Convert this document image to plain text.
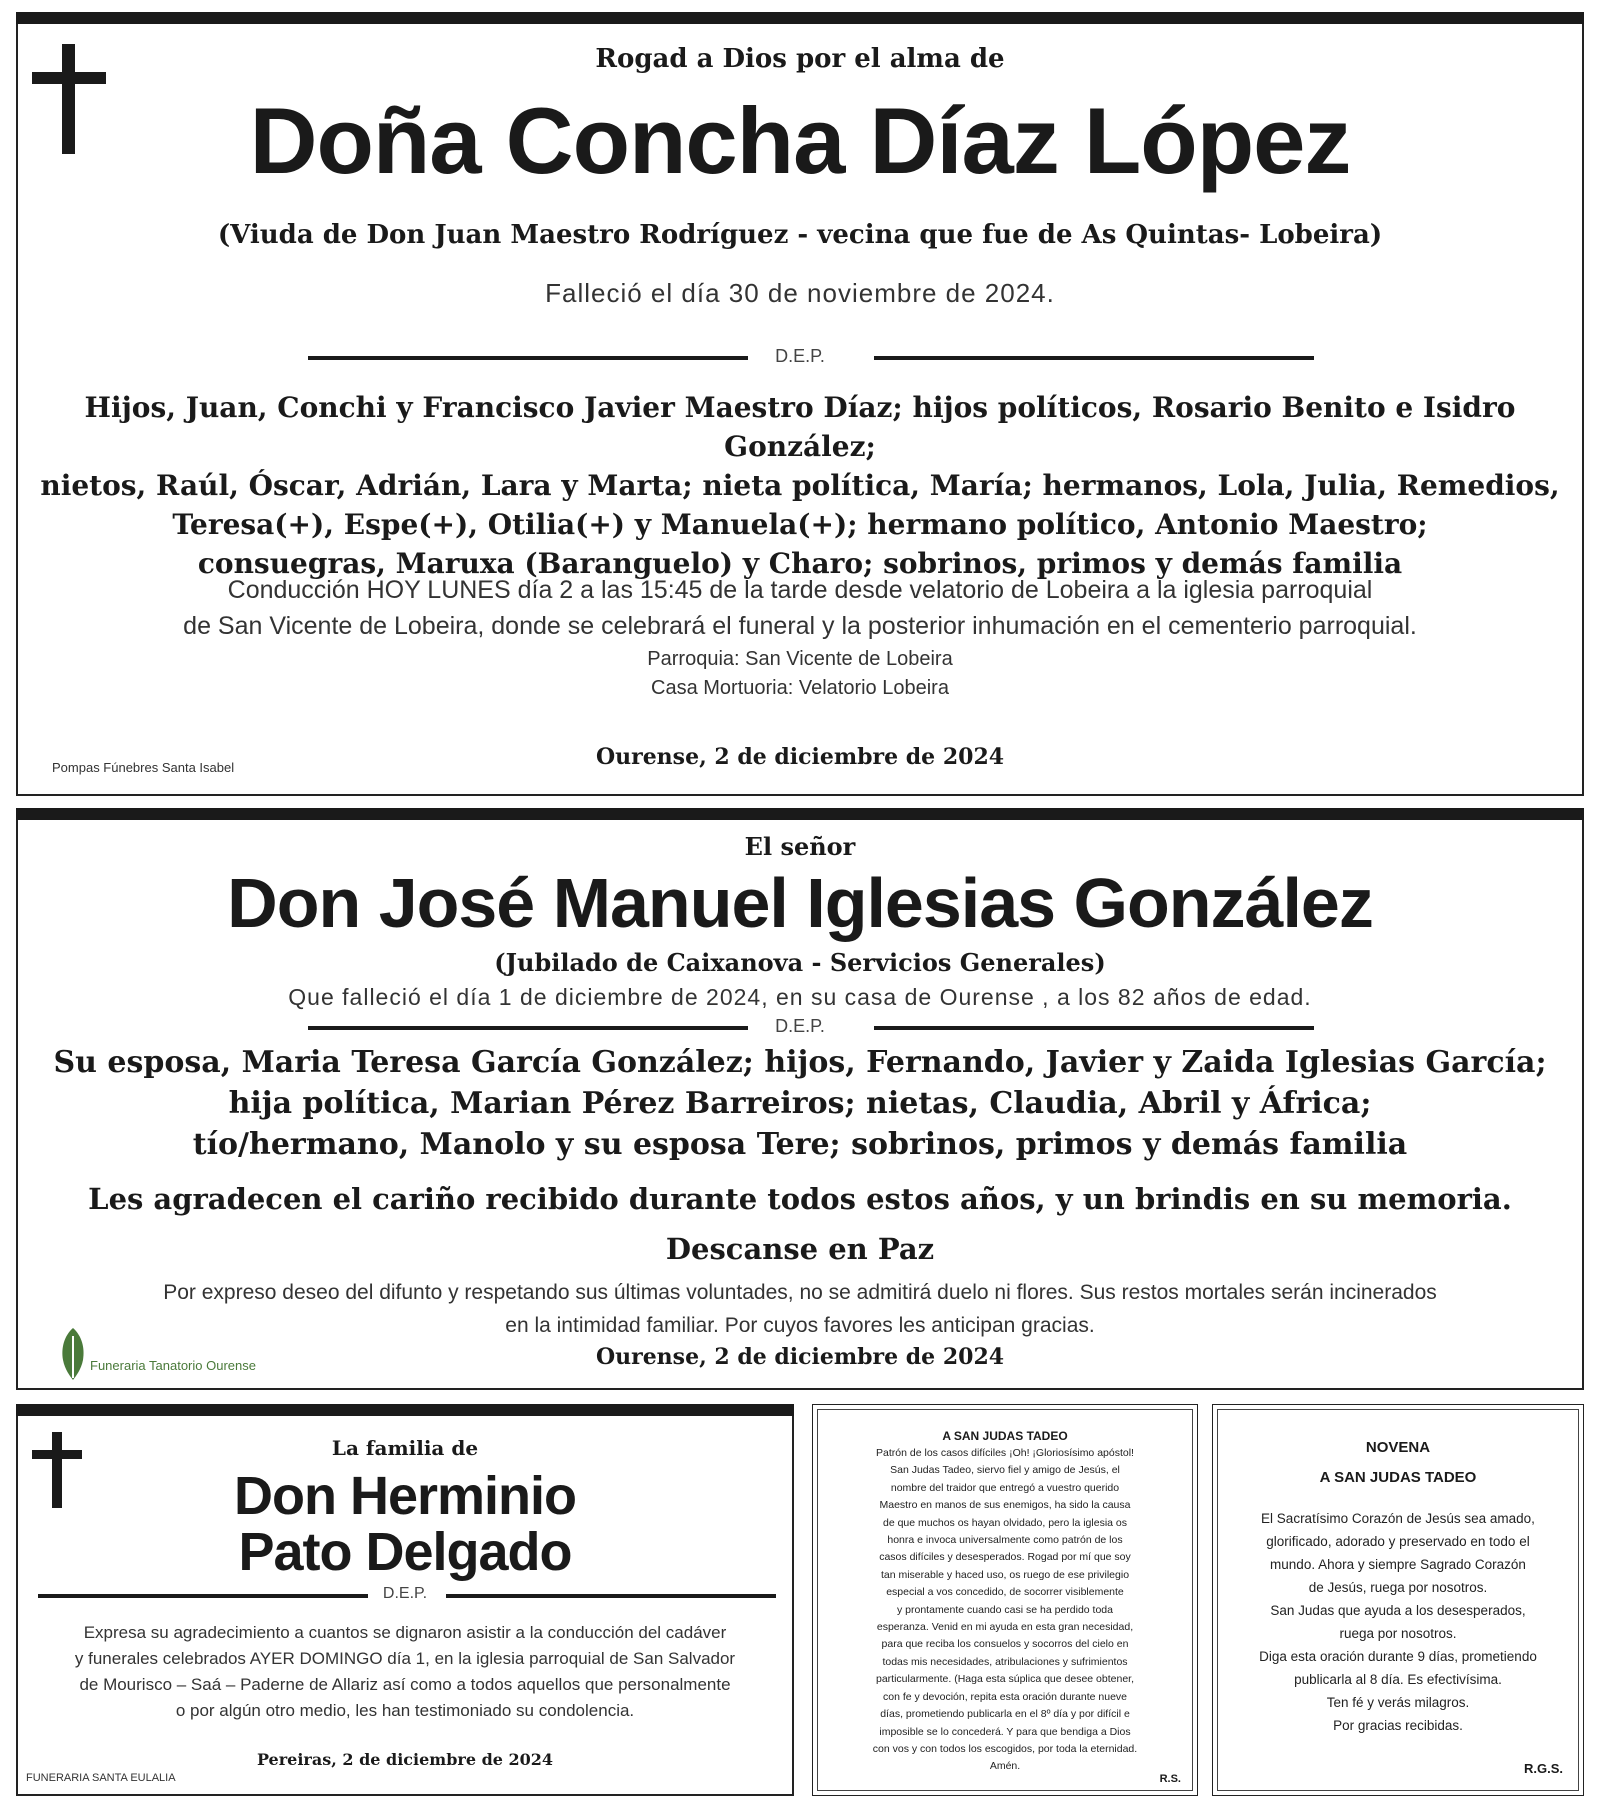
Rogad a Dios por el alma de
Doña Concha Díaz López
(Viuda de Don Juan Maestro Rodríguez - vecina que fue de As Quintas- Lobeira)
Falleció el día 30 de noviembre de 2024.
D.E.P.

Hijos, Juan, Conchi y Francisco Javier Maestro Díaz; hijos políticos, Rosario Benito e Isidro González;

nietos, Raúl, Óscar, Adrián, Lara y Marta; nieta política, María; hermanos, Lola, Julia, Remedios,

Teresa(+), Espe(+), Otilia(+) y Manuela(+); hermano político, Antonio Maestro;

consuegras, Maruxa (Baranguelo) y Charo; sobrinos, primos y demás familia

Conducción HOY LUNES día 2 a las 15:45 de la tarde desde velatorio de Lobeira a la iglesia parroquial

de San Vicente de Lobeira, donde se celebrará el funeral y la posterior inhumación en el cementerio parroquial.

Parroquia: San Vicente de Lobeira
Casa Mortuoria: Velatorio Lobeira
Pompas Fúnebres Santa Isabel	Ourense, 2 de diciembre de 2024
El señor
Don José Manuel Iglesias González
(Jubilado de Caixanova - Servicios Generales)
Que falleció el día 1 de diciembre de 2024, en su casa de Ourense , a los 82 años de edad.
D.E.P.

Su esposa, Maria Teresa García González; hijos, Fernando, Javier y Zaida Iglesias García;

hija política, Marian Pérez Barreiros; nietas, Claudia, Abril y África;

tío/hermano, Manolo y su esposa Tere; sobrinos, primos y demás familia

Les agradecen el cariño recibido durante todos estos años, y un brindis en su memoria.
Descanse en Paz

Por expreso deseo del difunto y respetando sus últimas voluntades, no se admitirá duelo ni flores. Sus restos mortales serán incinerados

en la intimidad familiar. Por cuyos favores les anticipan gracias.

Funeraria Tanatorio Ourense	Ourense, 2 de diciembre de 2024
La familia de
Don Herminio
Pato Delgado
D.E.P.

Expresa su agradecimiento a cuantos se dignaron asistir a la conducción del cadáver

y funerales celebrados AYER DOMINGO día 1, en la iglesia parroquial de San Salvador

de Mourisco – Saá – Paderne de Allariz así como a todos aquellos que personalmente

o por algún otro medio, les han testimoniado su condolencia.

FUNERARIA SANTA EULALIA
Pereiras, 2 de diciembre de 2024
A SAN JUDAS TADEO

Patrón de los casos difíciles ¡Oh! ¡Gloriosísimo apóstol!

San Judas Tadeo, siervo fiel y amigo de Jesús, el

nombre del traidor que entregó a vuestro querido

Maestro en manos de sus enemigos, ha sido la causa

de que muchos os hayan olvidado, pero la iglesia os

honra e invoca universalmente como patrón de los

casos difíciles y desesperados. Rogad por mí que soy

tan miserable y haced uso, os ruego de ese privilegio

especial a vos concedido, de socorrer visiblemente

y prontamente cuando casi se ha perdido toda

esperanza. Venid en mi ayuda en esta gran necesidad,

para que reciba los consuelos y socorros del cielo en

todas mis necesidades, atribulaciones y sufrimientos

particularmente. (Haga esta súplica que desee obtener,

con fe y devoción, repita esta oración durante nueve

días, prometiendo publicarla en el 8º día y por difícil e

imposible se lo concederá. Y para que bendiga a Dios

con vos y con todos los escogidos, por toda la eternidad.

Amén.

R.S.
NOVENA
A SAN JUDAS TADEO

El Sacratísimo Corazón de Jesús sea amado,

glorificado, adorado y preservado en todo el

mundo. Ahora y siempre Sagrado Corazón

de Jesús, ruega por nosotros.

San Judas que ayuda a los desesperados,

ruega por nosotros.

Diga esta oración durante 9 días, prometiendo

publicarla al 8 día. Es efectivísima.

Ten fé y verás milagros.

Por gracias recibidas.

R.G.S.
